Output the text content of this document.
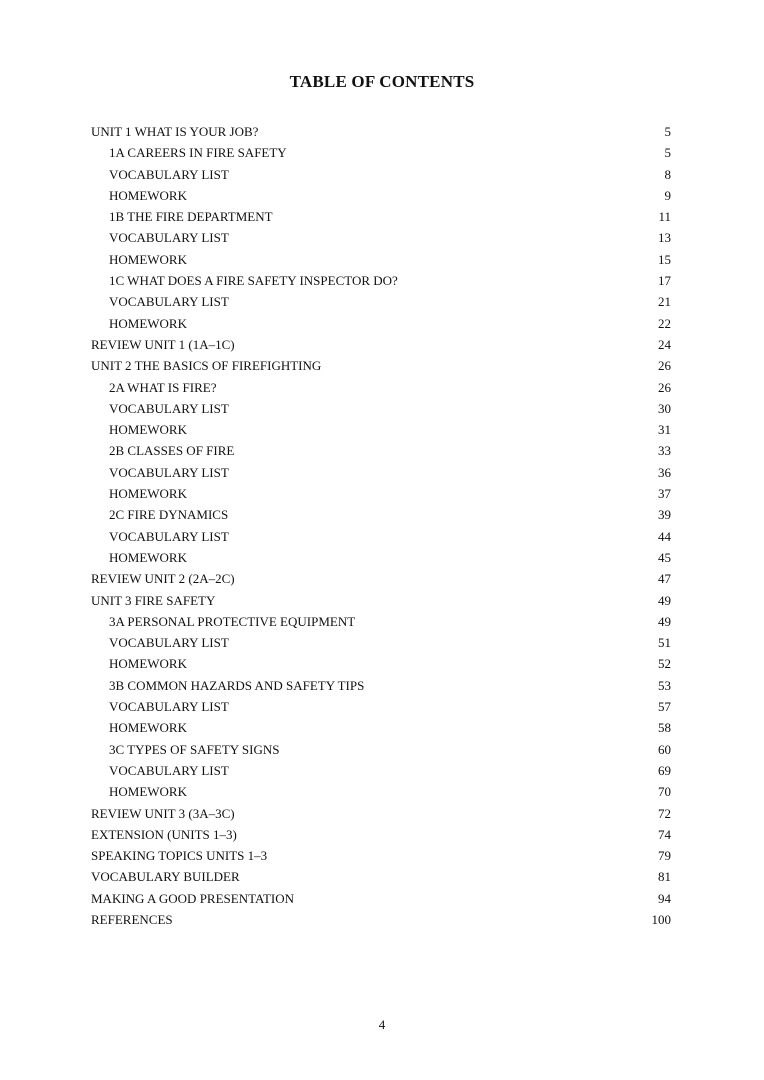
TABLE OF CONTENTS
UNIT 1 WHAT IS YOUR JOB?	5
1A CAREERS IN FIRE SAFETY	5
VOCABULARY LIST	8
HOMEWORK	9
1B THE FIRE DEPARTMENT	11
VOCABULARY LIST	13
HOMEWORK	15
1C WHAT DOES A FIRE SAFETY INSPECTOR DO?	17
VOCABULARY LIST	21
HOMEWORK	22
REVIEW UNIT 1 (1A–1C)	24
UNIT 2 THE BASICS OF FIREFIGHTING	26
2A WHAT IS FIRE?	26
VOCABULARY LIST	30
HOMEWORK	31
2B CLASSES OF FIRE	33
VOCABULARY LIST	36
HOMEWORK	37
2C FIRE DYNAMICS	39
VOCABULARY LIST	44
HOMEWORK	45
REVIEW UNIT 2 (2A–2C)	47
UNIT 3 FIRE SAFETY	49
3A PERSONAL PROTECTIVE EQUIPMENT	49
VOCABULARY LIST	51
HOMEWORK	52
3B COMMON HAZARDS AND SAFETY TIPS	53
VOCABULARY LIST	57
HOMEWORK	58
3C TYPES OF SAFETY SIGNS	60
VOCABULARY LIST	69
HOMEWORK	70
REVIEW UNIT 3 (3A–3C)	72
EXTENSION (UNITS 1–3)	74
SPEAKING TOPICS UNITS 1–3	79
VOCABULARY BUILDER	81
MAKING A GOOD PRESENTATION	94
REFERENCES	100
4
